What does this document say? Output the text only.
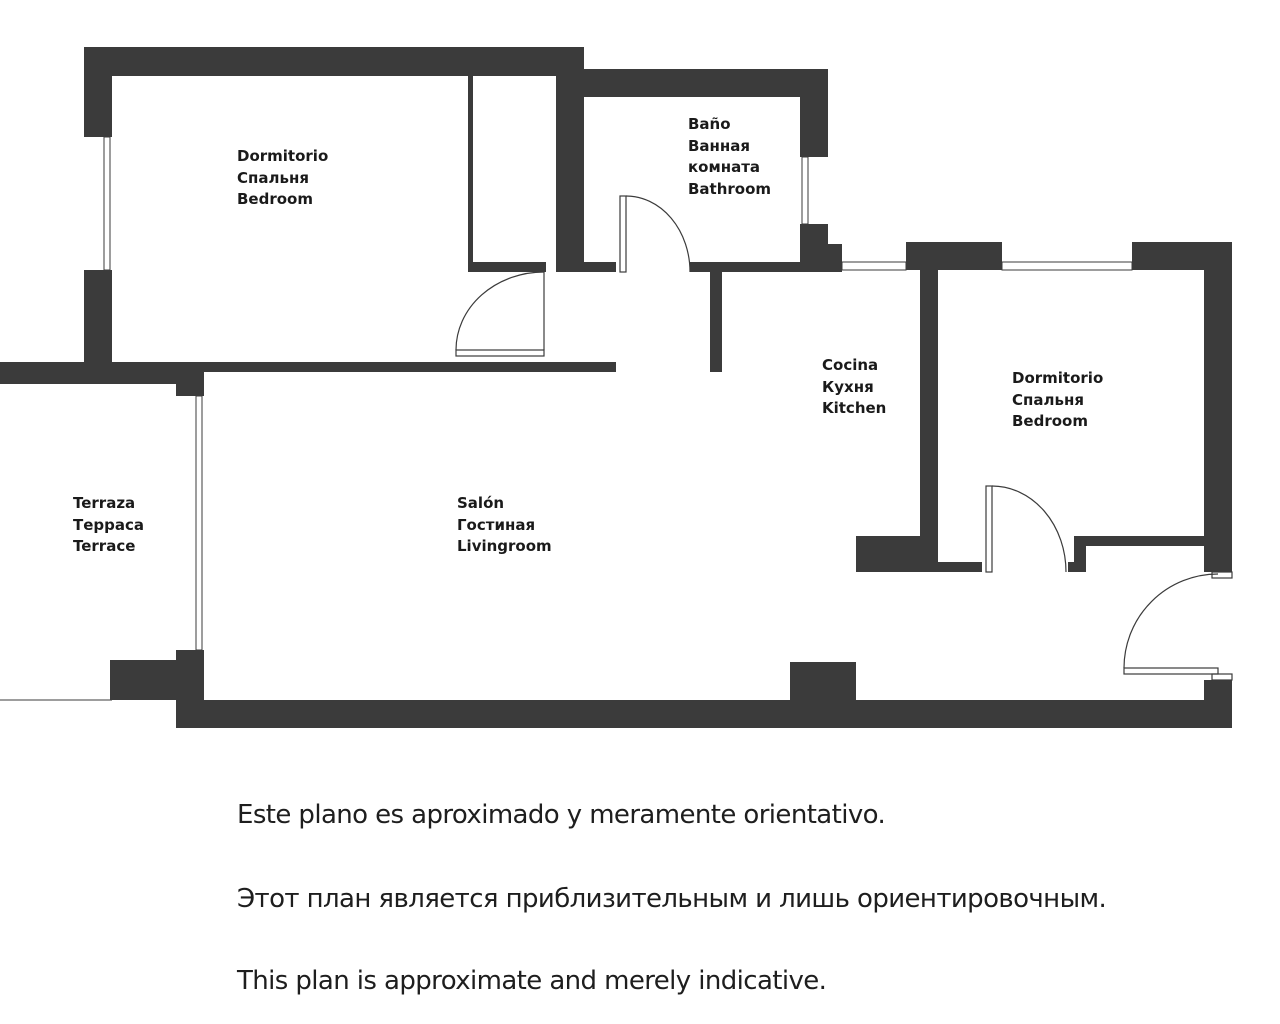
Dormitorio
Спальня
Bedroom
Baño
Ванная
комната
Bathroom
Cocina
Кухня
Kitchen
Dormitorio
Спальня
Bedroom
Terraza
Терраса
Terrace
Salón
Гостиная
Livingroom
Este plano es aproximado y meramente orientativo.
Этот план является приблизительным и лишь ориентировочным.
This plan is approximate and merely indicative.
